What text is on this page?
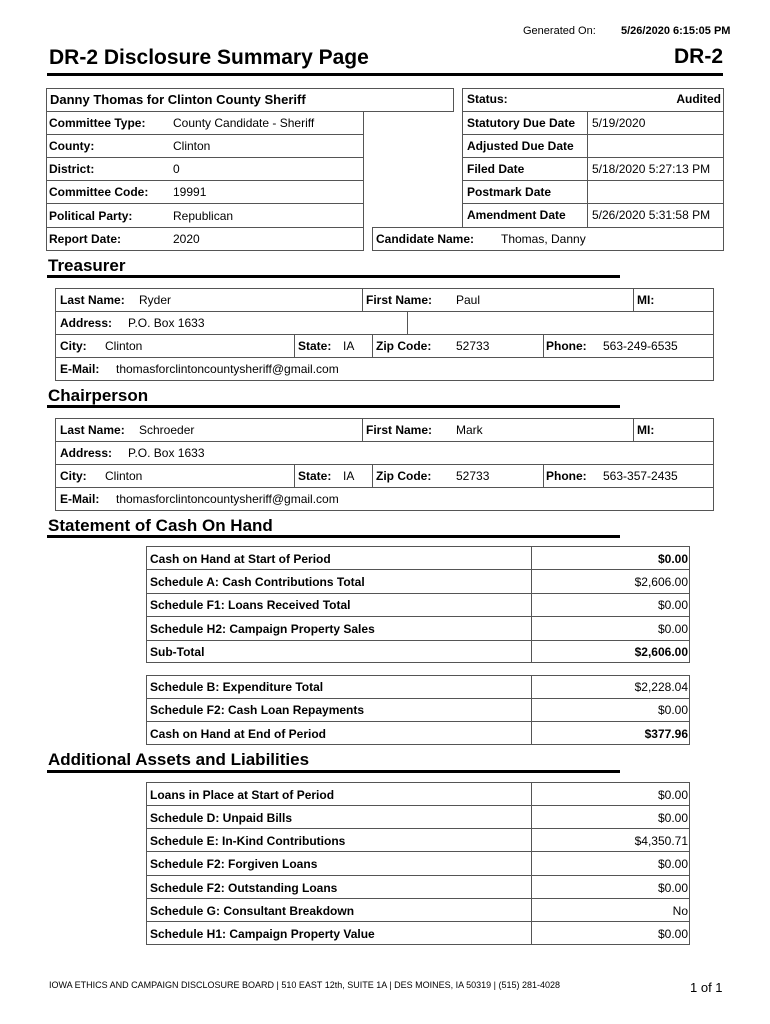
Generated On: 5/26/2020 6:15:05 PM
DR-2 Disclosure Summary Page	DR-2
Danny Thomas for Clinton County Sheriff
Committee Type: County Candidate - Sheriff
County:	Clinton
District:	0
Committee Code: 19991
Political Party:	Republican
Report Date:	2020
Status:	Audited
Statutory Due Date 5/19/2020
Adjusted Due Date
Filed Date	5/18/2020 5:27:13 PM
Postmark Date
Amendment Date 5/26/2020 5:31:58 PM
Candidate Name: Thomas, Danny
Treasurer
Last Name: Ryder	First Name: Paul	MI:
Address: P.O. Box 1633
City: Clinton	State: IA Zip Code: 52733	Phone: 563-249-6535
E-Mail: thomasforclintoncountysheriff@gmail.com
Chairperson
Last Name: Schroeder	First Name: Mark	MI:
Address: P.O. Box 1633
City: Clinton	State: IA Zip Code: 52733	Phone: 563-357-2435
E-Mail: thomasforclintoncountysheriff@gmail.com
Statement of Cash On Hand
Cash on Hand at Start of Period	$0.00
Schedule A: Cash Contributions Total	$2,606.00
Schedule F1: Loans Received Total	$0.00
Schedule H2: Campaign Property Sales	$0.00
Sub-Total	$2,606.00
Schedule B: Expenditure Total	$2,228.04
Schedule F2: Cash Loan Repayments	$0.00
Cash on Hand at End of Period	$377.96
Additional Assets and Liabilities
Loans in Place at Start of Period	$0.00
Schedule D: Unpaid Bills	$0.00
Schedule E: In-Kind Contributions	$4,350.71
Schedule F2: Forgiven Loans	$0.00
Schedule F2: Outstanding Loans	$0.00
Schedule G: Consultant Breakdown	No
Schedule H1: Campaign Property Value	$0.00
IOWA ETHICS AND CAMPAIGN DISCLOSURE BOARD | 510 EAST 12th, SUITE 1A | DES MOINES, IA 50319 | (515) 281-4028	1 of 1
